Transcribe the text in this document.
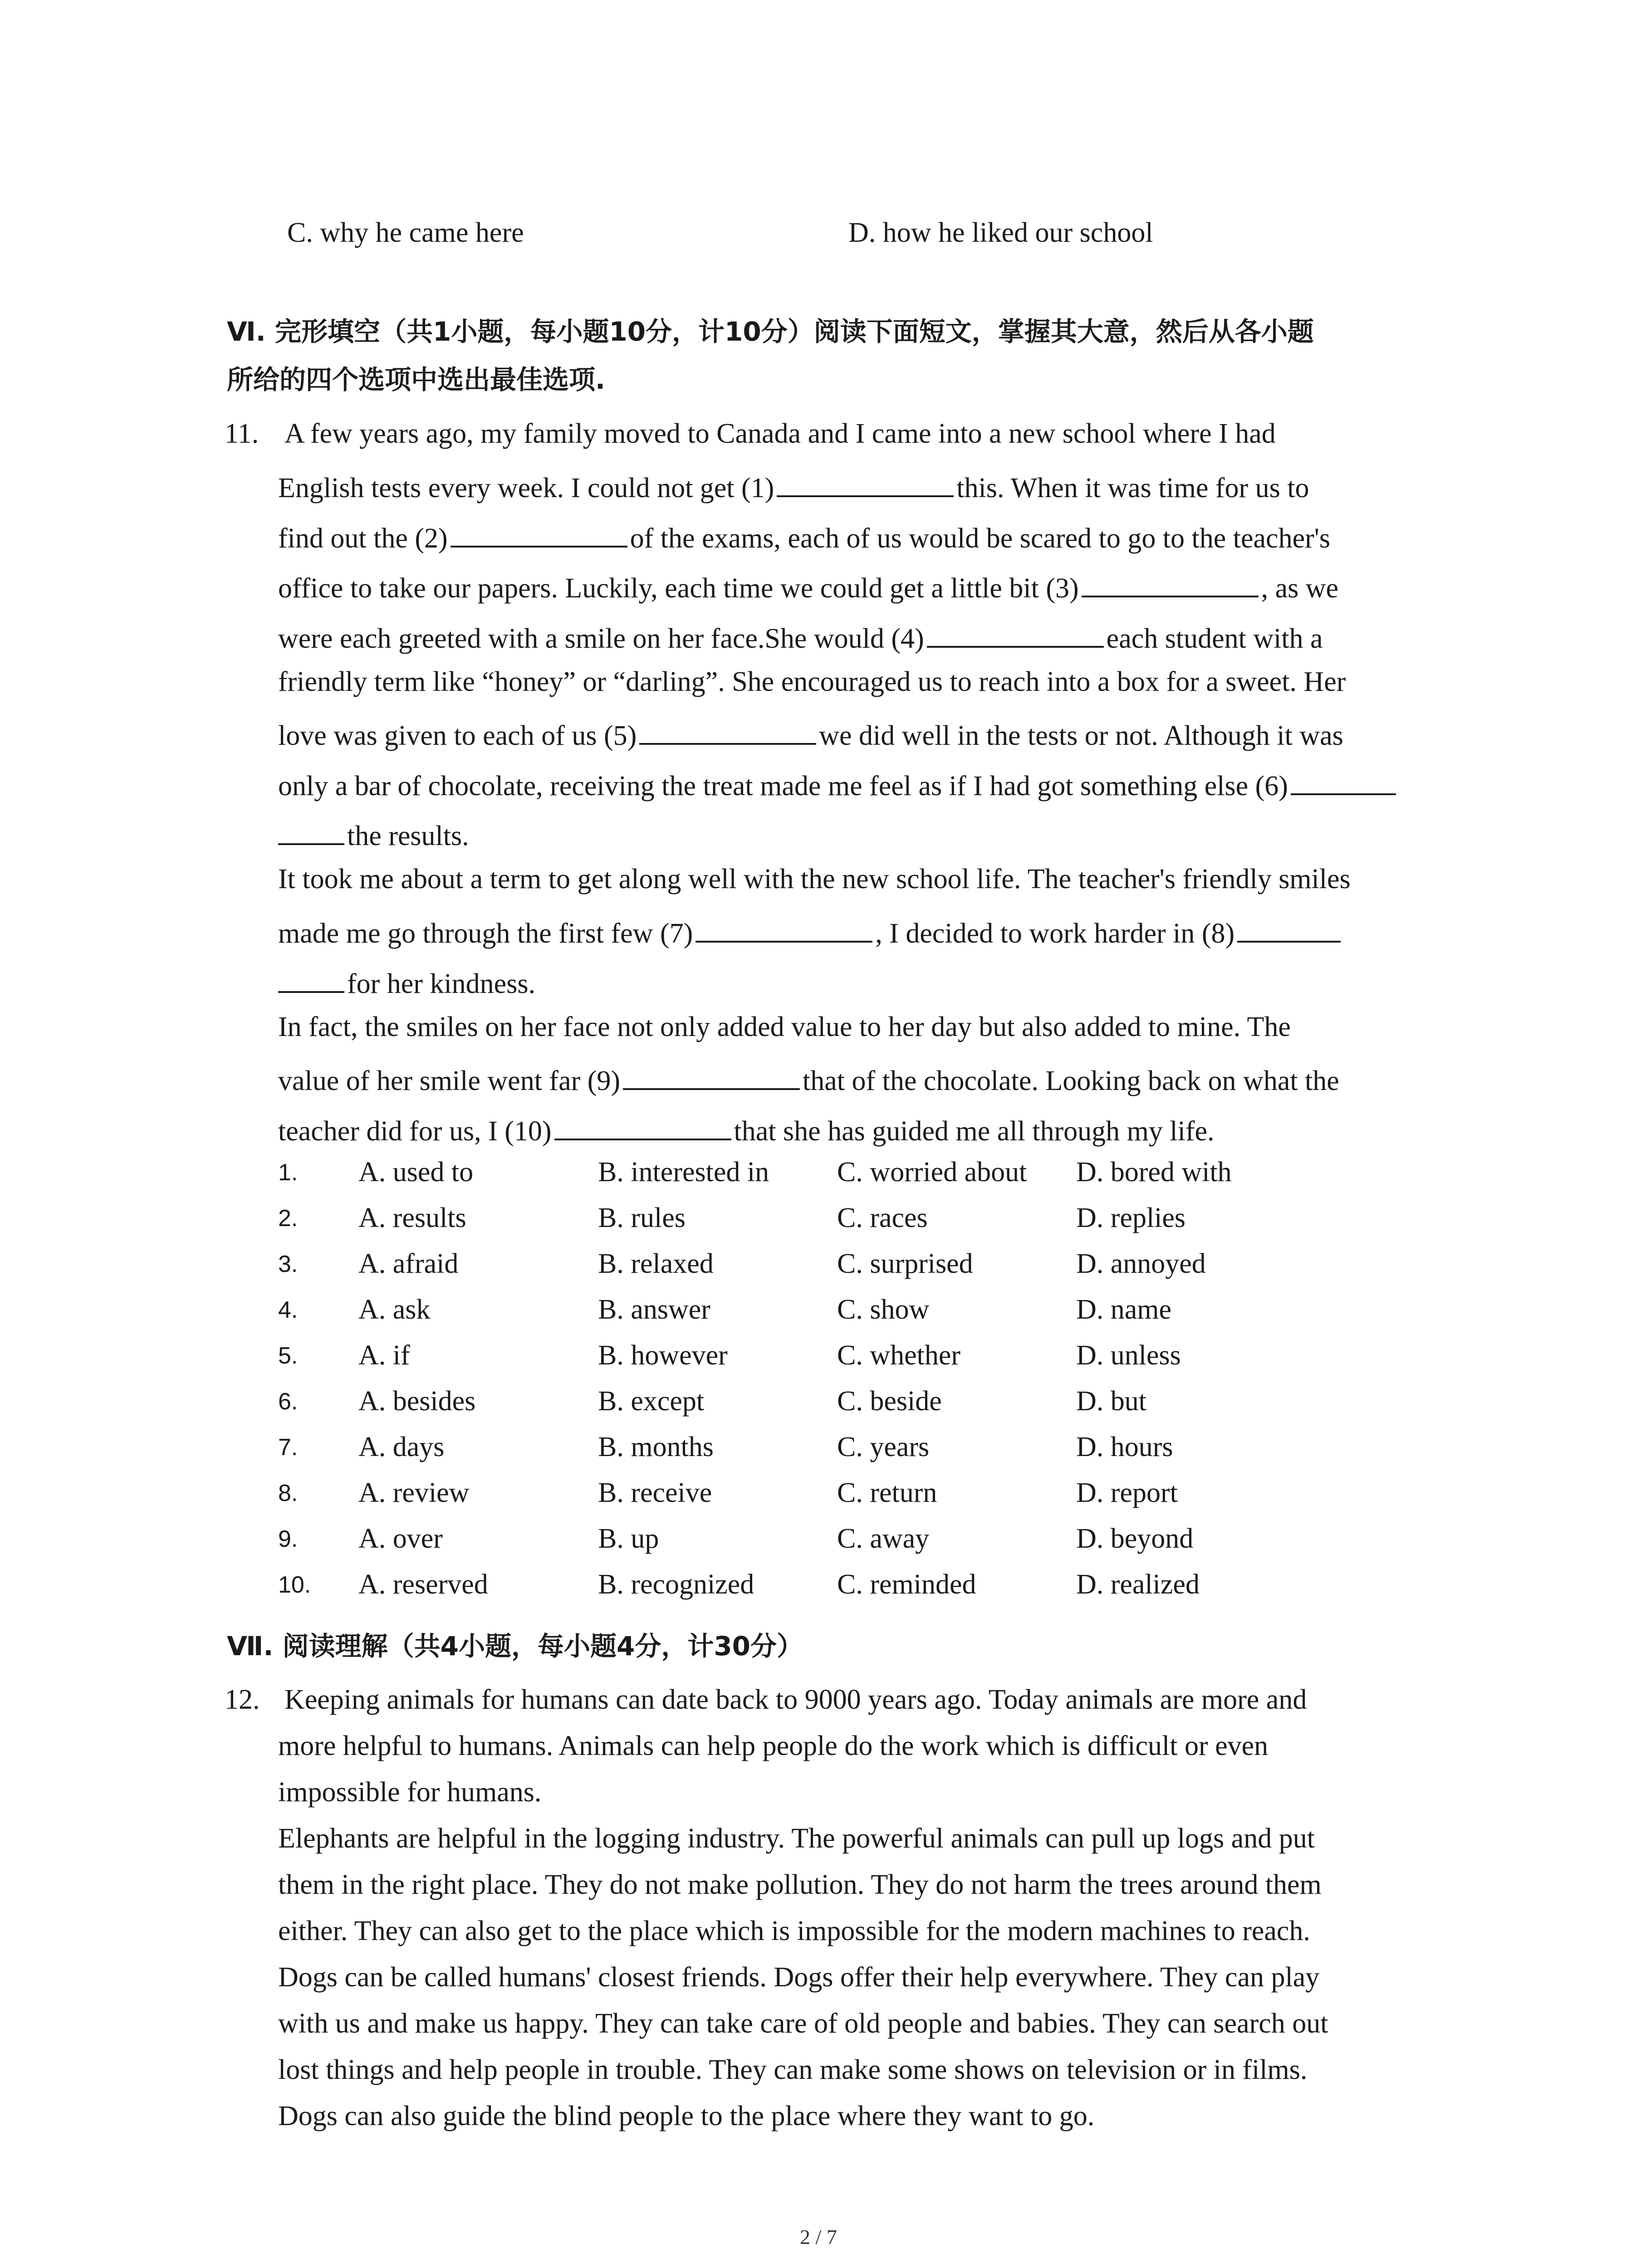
C. why he came here	D. how he liked our school
Ⅵ. 完形填空（共1小题，每小题10分，计10分）阅读下面短文，掌握其大意，然后从各小题
所给的四个选项中选出最佳选项.
11. A few years ago, my family moved to Canada and I came into a new school where I had
English tests every week. I could not get (1)	this. When it was time for us to
find out the (2)	of the exams, each of us would be scared to go to the teacher's
office to take our papers. Luckily, each time we could get a little bit (3)	, as we
were each greeted with a smile on her face.She would (4)	each student with a
friendly term like “honey” or “darling”. She encouraged us to reach into a box for a sweet. Her
love was given to each of us (5)	we did well in the tests or not. Although it was
only a bar of chocolate, receiving the treat made me feel as if I had got something else (6)
the results.
It took me about a term to get along well with the new school life. The teacher's friendly smiles
made me go through the first few (7)	, I decided to work harder in (8)
for her kindness.
In fact, the smiles on her face not only added value to her day but also added to mine. The
value of her smile went far (9)	that of the chocolate. Looking back on what the
teacher did for us, I (10)	that she has guided me all through my life.
1. A. used to	B. interested in C. worried about D. bored with
2. A. results	B. rules	C. races	D. replies
3. A. afraid	B. relaxed	C. surprised	D. annoyed
4. A. ask	B. answer	C. show	D. name
5. A. if	B. however	C. whether	D. unless
6. A. besides	B. except	C. beside	D. but
7. A. days	B. months	C. years	D. hours
8. A. review	B. receive	C. return	D. report
9. A. over	B. up	C. away	D. beyond
10. A. reserved	B. recognized	C. reminded	D. realized
Ⅶ. 阅读理解（共4小题，每小题4分，计30分）
12. Keeping animals for humans can date back to 9000 years ago. Today animals are more and
more helpful to humans. Animals can help people do the work which is difficult or even
impossible for humans.
Elephants are helpful in the logging industry. The powerful animals can pull up logs and put
them in the right place. They do not make pollution. They do not harm the trees around them
either. They can also get to the place which is impossible for the modern machines to reach.
Dogs can be called humans' closest friends. Dogs offer their help everywhere. They can play
with us and make us happy. They can take care of old people and babies. They can search out
lost things and help people in trouble. They can make some shows on television or in films.
Dogs can also guide the blind people to the place where they want to go.
2 / 7
